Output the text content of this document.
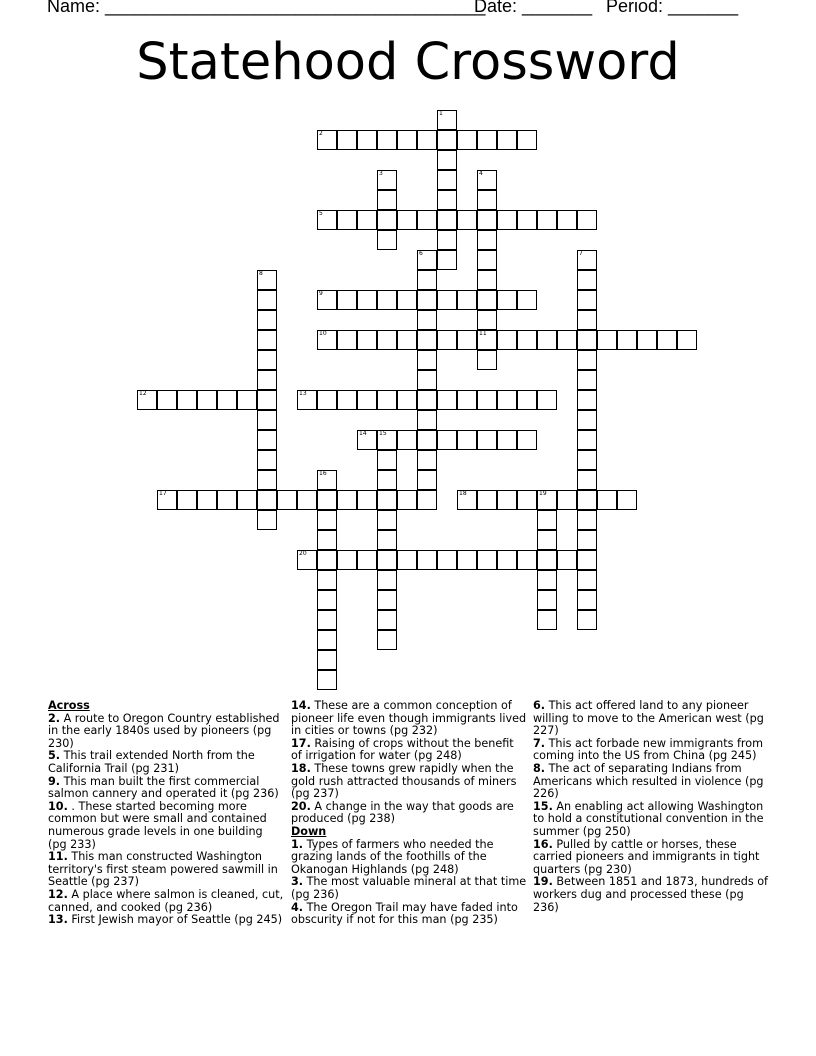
Name: ______________________________________
Date: _______ Period: _______
Statehood Crossword
1
2
3	4
11
5
6	7
8
9
10
12	13
14 15
16
17	18	19
20
Across
2. A route to Oregon Country established in the early 1840s used by pioneers (pg 230)
5. This trail extended North from the California Trail (pg 231)
9. This man built the first commercial salmon cannery and operated it (pg 236)
10. . These started becoming more common but were small and contained numerous grade levels in one building (pg 233)
11. This man constructed Washington territory's first steam powered sawmill in Seattle (pg 237)
12. A place where salmon is cleaned, cut, canned, and cooked (pg 236)
13. First Jewish mayor of Seattle (pg 245)
14. These are a common conception of pioneer life even though immigrants lived in cities or towns (pg 232)
17. Raising of crops without the benefit of irrigation for water (pg 248)
18. These towns grew rapidly when the gold rush attracted thousands of miners (pg 237)
20. A change in the way that goods are produced (pg 238)
Down
1. Types of farmers who needed the grazing lands of the foothills of the Okanogan Highlands (pg 248)
3. The most valuable mineral at that time (pg 236)
4. The Oregon Trail may have faded into obscurity if not for this man (pg 235)
6. This act offered land to any pioneer willing to move to the American west (pg 227)
7. This act forbade new immigrants from coming into the US from China (pg 245)
8. The act of separating Indians from Americans which resulted in violence (pg 226)
15. An enabling act allowing Washington to hold a constitutional convention in the summer (pg 250)
16. Pulled by cattle or horses, these carried pioneers and immigrants in tight quarters (pg 230)
19. Between 1851 and 1873, hundreds of workers dug and processed these (pg 236)
